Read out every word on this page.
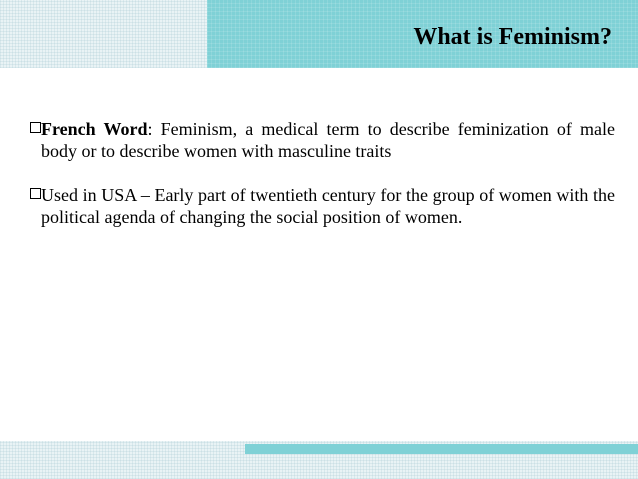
What is Feminism?
French Word: Feminism, a medical term to describe feminization of male body or to describe women with masculine traits
Used in USA – Early part of twentieth century for the group of women with the political agenda of changing the social position of women.
